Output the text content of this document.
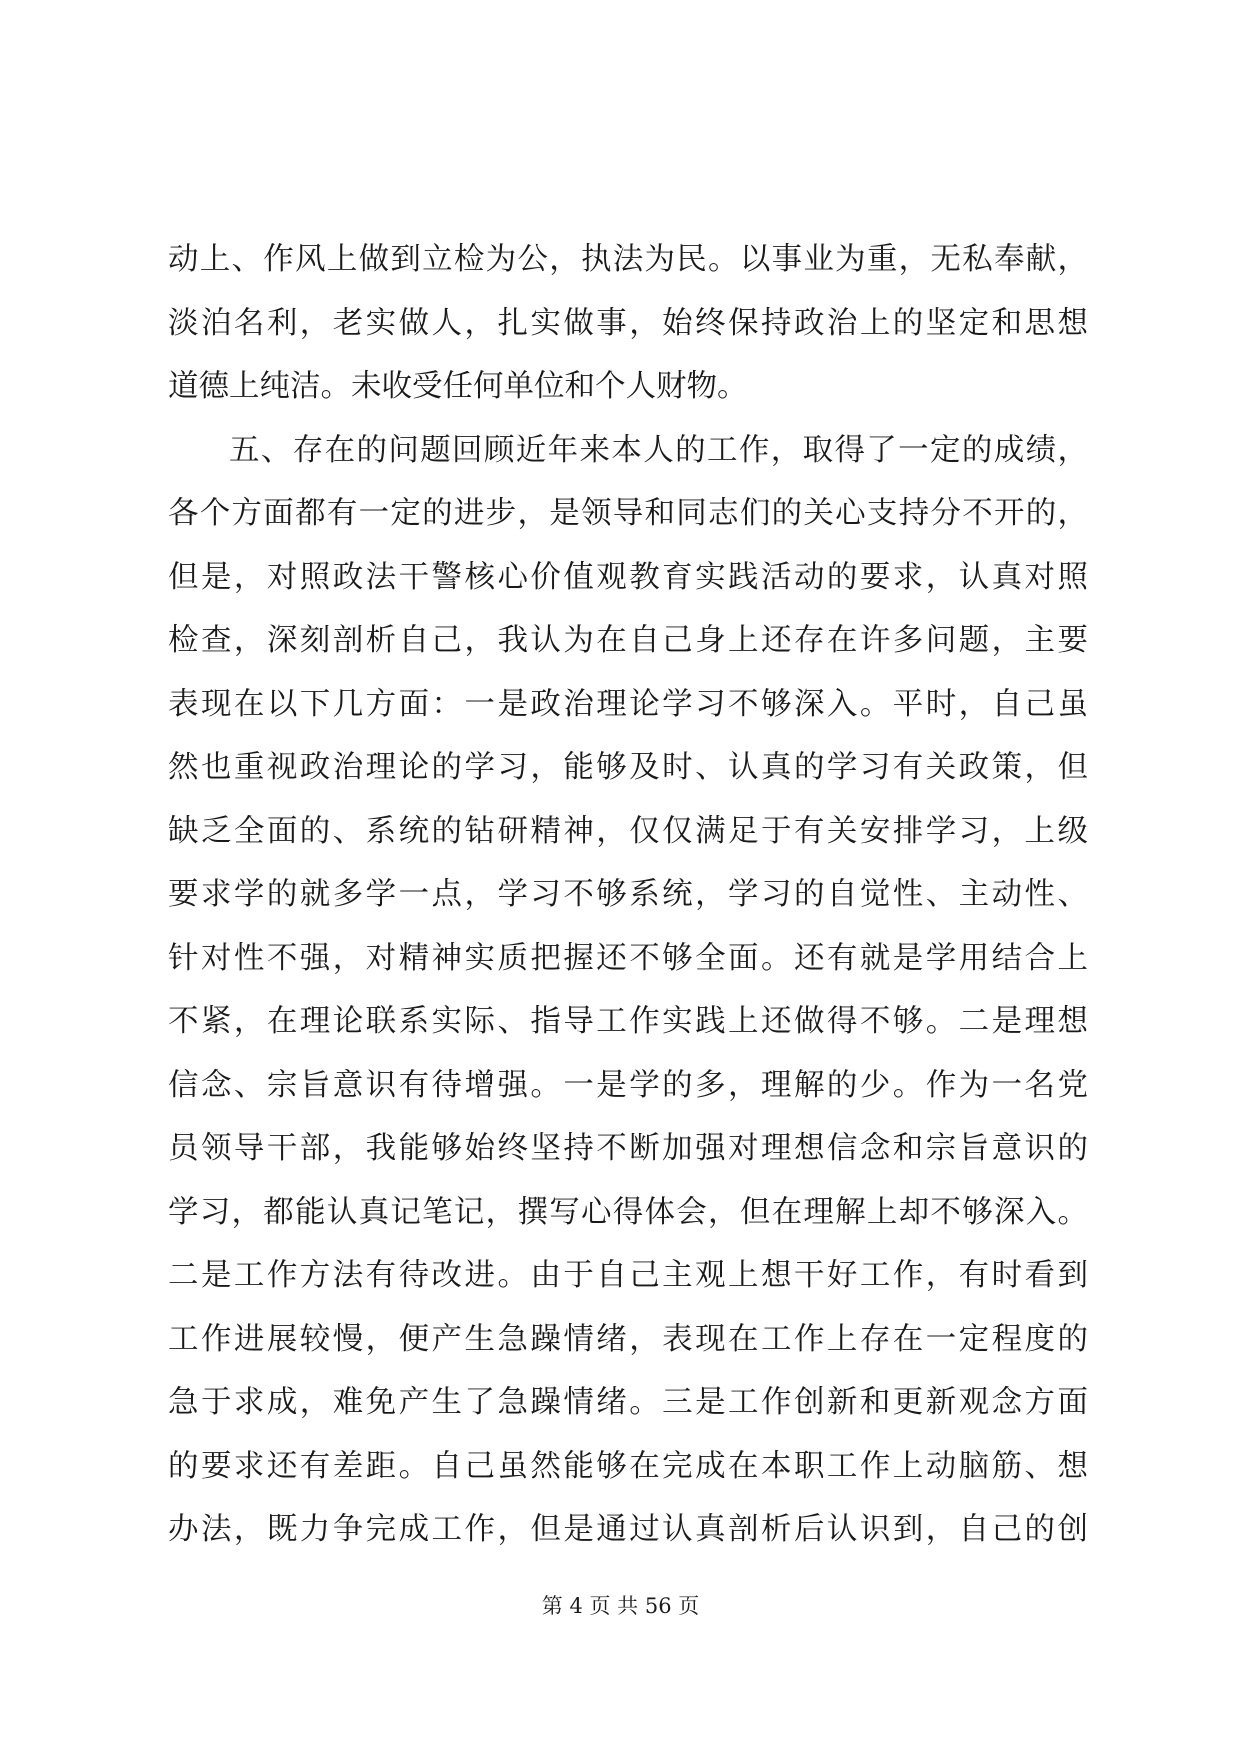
动上、作风上做到立检为公，执法为民。以事业为重，无私奉献，
淡泊名利，老实做人，扎实做事，始终保持政治上的坚定和思想
道德上纯洁。未收受任何单位和个人财物。
五、存在的问题回顾近年来本人的工作，取得了一定的成绩，
各个方面都有一定的进步，是领导和同志们的关心支持分不开的，
但是，对照政法干警核心价值观教育实践活动的要求，认真对照
检查，深刻剖析自己，我认为在自己身上还存在许多问题，主要
表现在以下几方面：一是政治理论学习不够深入。平时，自己虽
然也重视政治理论的学习，能够及时、认真的学习有关政策，但
缺乏全面的、系统的钻研精神，仅仅满足于有关安排学习，上级
要求学的就多学一点，学习不够系统，学习的自觉性、主动性、
针对性不强，对精神实质把握还不够全面。还有就是学用结合上
不紧，在理论联系实际、指导工作实践上还做得不够。二是理想
信念、宗旨意识有待增强。一是学的多，理解的少。作为一名党
员领导干部，我能够始终坚持不断加强对理想信念和宗旨意识的
学习，都能认真记笔记，撰写心得体会，但在理解上却不够深入。
二是工作方法有待改进。由于自己主观上想干好工作，有时看到
工作进展较慢，便产生急躁情绪，表现在工作上存在一定程度的
急于求成，难免产生了急躁情绪。三是工作创新和更新观念方面
的要求还有差距。自己虽然能够在完成在本职工作上动脑筋、想
办法，既力争完成工作，但是通过认真剖析后认识到，自己的创
第 4 页 共 56 页
